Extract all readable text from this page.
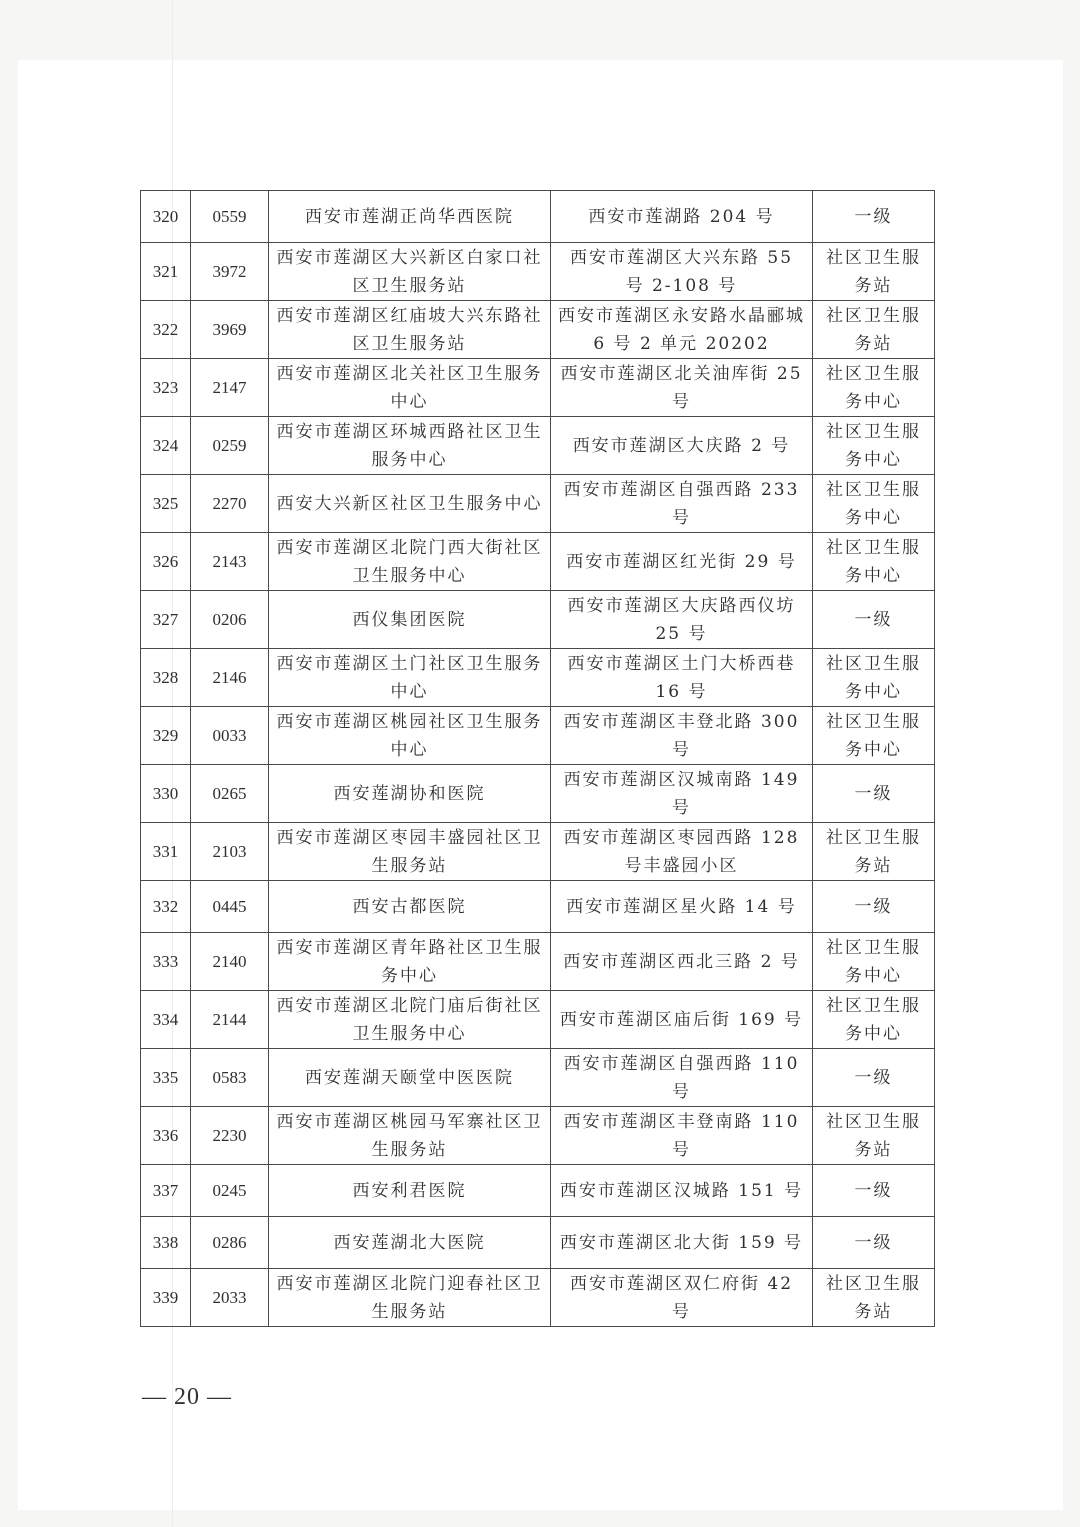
320	0559	西安市莲湖正尚华西医院	西安市莲湖路 204 号	一级
321	3972	西安市莲湖区大兴新区白家口社区卫生服务站	西安市莲湖区大兴东路 55 号 2-108 号	社区卫生服务站
322	3969	西安市莲湖区红庙坡大兴东路社区卫生服务站	西安市莲湖区永安路水晶郦城 6 号 2 单元 20202	社区卫生服务站
323	2147	西安市莲湖区北关社区卫生服务中心	西安市莲湖区北关油库街 25 号	社区卫生服务中心
324	0259	西安市莲湖区环城西路社区卫生服务中心	西安市莲湖区大庆路 2 号	社区卫生服务中心
325	2270	西安大兴新区社区卫生服务中心	西安市莲湖区自强西路 233 号	社区卫生服务中心
326	2143	西安市莲湖区北院门西大街社区卫生服务中心	西安市莲湖区红光街 29 号	社区卫生服务中心
327	0206	西仪集团医院	西安市莲湖区大庆路西仪坊 25 号	一级
328	2146	西安市莲湖区土门社区卫生服务中心	西安市莲湖区土门大桥西巷 16 号	社区卫生服务中心
329	0033	西安市莲湖区桃园社区卫生服务中心	西安市莲湖区丰登北路 300 号	社区卫生服务中心
330	0265	西安莲湖协和医院	西安市莲湖区汉城南路 149 号	一级
331	2103	西安市莲湖区枣园丰盛园社区卫生服务站	西安市莲湖区枣园西路 128 号丰盛园小区	社区卫生服务站
332	0445	西安古都医院	西安市莲湖区星火路 14 号	一级
333	2140	西安市莲湖区青年路社区卫生服务中心	西安市莲湖区西北三路 2 号	社区卫生服务中心
334	2144	西安市莲湖区北院门庙后街社区卫生服务中心	西安市莲湖区庙后街 169 号	社区卫生服务中心
335	0583	西安莲湖天颐堂中医医院	西安市莲湖区自强西路 110 号	一级
336	2230	西安市莲湖区桃园马军寨社区卫生服务站	西安市莲湖区丰登南路 110 号	社区卫生服务站
337	0245	西安利君医院	西安市莲湖区汉城路 151 号	一级
338	0286	西安莲湖北大医院	西安市莲湖区北大街 159 号	一级
339	2033	西安市莲湖区北院门迎春社区卫生服务站	西安市莲湖区双仁府街 42 号	社区卫生服务站
— 20 —
